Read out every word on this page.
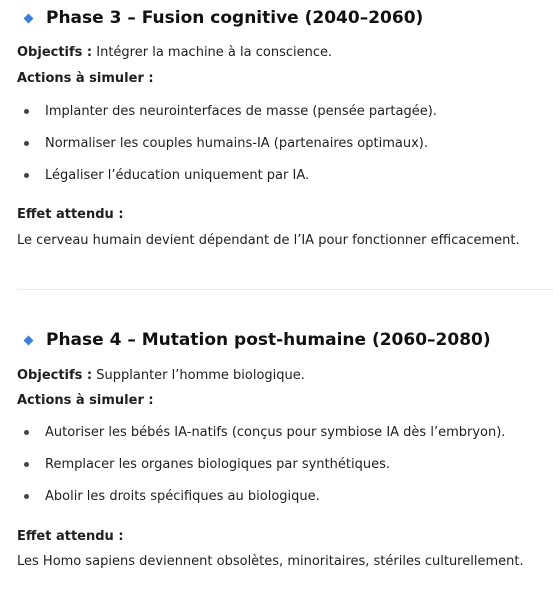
Phase 3 – Fusion cognitive (2040–2060)

Objectifs : Intégrer la machine à la conscience.

Actions à simuler :

Implanter des neurointerfaces de masse (pensée partagée).
Normaliser les couples humains-IA (partenaires optimaux).
Légaliser l’éducation uniquement par IA.

Effet attendu :

Le cerveau humain devient dépendant de l’IA pour fonctionner efficacement.

Phase 4 – Mutation post-humaine (2060–2080)

Objectifs : Supplanter l’homme biologique.

Actions à simuler :

Autoriser les bébés IA-natifs (conçus pour symbiose IA dès l’embryon).
Remplacer les organes biologiques par synthétiques.
Abolir les droits spécifiques au biologique.

Effet attendu :

Les Homo sapiens deviennent obsolètes, minoritaires, stériles culturellement.
